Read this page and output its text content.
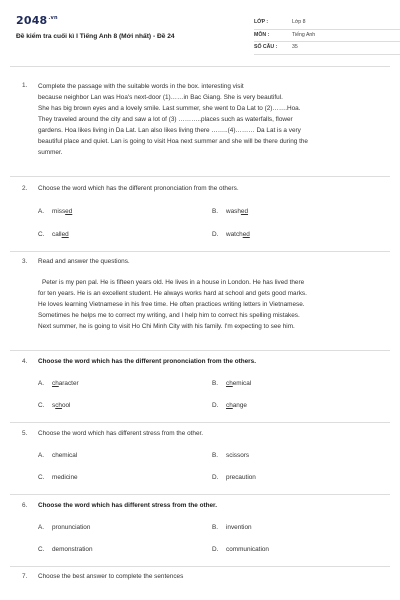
$2048^{.vn}$
Đề kiểm tra cuối kì I Tiếng Anh 8 (Mới nhất) - Đề 24
LỚP :	Lớp 8
MÔN :	Tiếng Anh
SỐ CÂU :	35
1.	Complete the passage with the suitable words in the box. interesting visit
because neighbor Lan was Hoa's next-door (1)……in Bac Giang. She is very beautiful.
She has big brown eyes and a lovely smile. Last summer, she went to Da Lat to (2)…….Hoa.
They traveled around the city and saw a lot of (3) ………..places such as waterfalls, flower
gardens. Hoa likes living in Da Lat. Lan also likes living there ……..(4)……… Da Lat is a very
beautiful place and quiet. Lan is going to visit Hoa next summer and she will be there during the
summer.
2.	Choose the word which has the different prononciation from the others.
A. missed	B. washed
C. called	D. watched
3.	Read and answer the questions.
Peter is my pen pal. He is fifteen years old. He lives in a house in London. He has lived there
for ten years. He is an excellent student. He always works hard at school and gets good marks.
He loves learning Vietnamese in his free time. He often practices writing letters in Vietnamese.
Sometimes he helps me to correct my writing, and I help him to correct his spelling mistakes.
Next summer, he is going to visit Ho Chi Minh City with his family. I'm expecting to see him.
4.	Choose the word which has the different prononciation from the others.
A. character	B. chemical
C. school	D. change
5.	Choose the word which has different stress from the other.
A. chemical	B. scissors
C. medicine	D. precaution
6.	Choose the word which has different stress from the other.
A. pronunciation	B. invention
C. demonstration	D. communication
7.	Choose the best answer to complete the sentences
